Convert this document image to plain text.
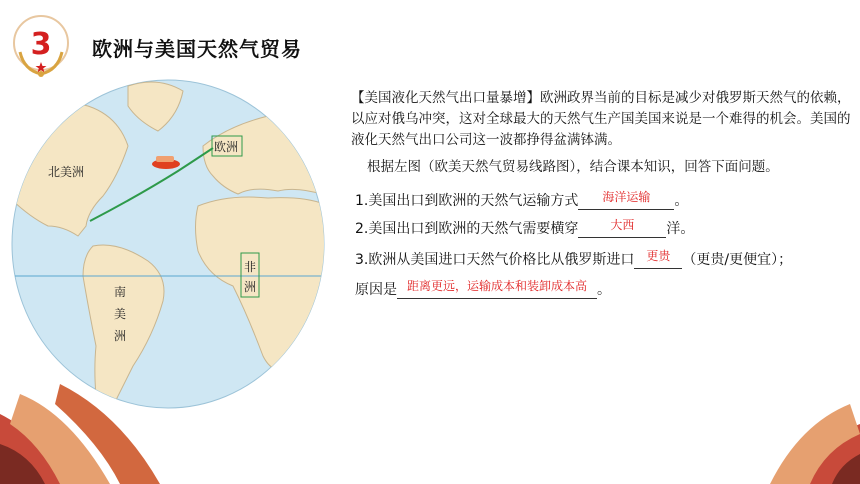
3 欧洲与美国天然气贸易
北美洲
欧洲
非
洲
南
美
洲
【美国液化天然气出口量暴增】欧洲政界当前的目标是减少对俄罗斯天然气的依赖，以应对俄乌冲突，这对全球最大的天然气生产国美国来说是一个难得的机会。美国的液化天然气出口公司这一波都挣得盆满钵满。
根据左图（欧美天然气贸易线路图），结合课本知识，回答下面问题。
1.美国出口到欧洲的天然气运输方式	海洋运输	。
2.美国出口到欧洲的天然气需要横穿	大西	洋。
3.欧洲从美国进口天然气价格比从俄罗斯进口 更贵 （更贵/更便宜）；
原因是 距离更远，运输成本和装卸成本高 。
